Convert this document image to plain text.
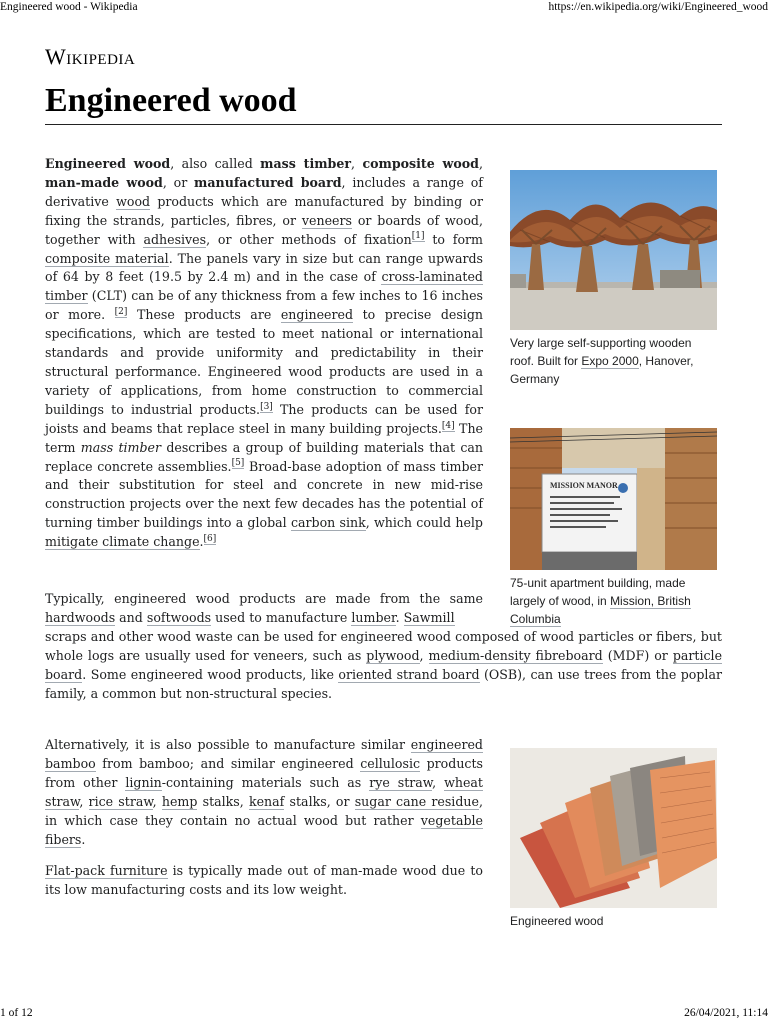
Engineered wood - Wikipedia	https://en.wikipedia.org/wiki/Engineered_wood
Wikipedia
Engineered wood

Engineered wood, also called mass timber, composite wood, man-made wood, or manufactured board, includes a range of derivative wood products which are manufactured by binding or fixing the strands, particles, fibres, or veneers or boards of wood, together with adhesives, or other methods of fixation[1] to form composite material. The panels vary in size but can range upwards of 64 by 8 feet (19.5 by 2.4 m) and in the case of cross-laminated timber (CLT) can be of any thickness from a few inches to 16 inches or more. [2] These products are engineered to precise design specifications, which are tested to meet national or international standards and provide uniformity and predictability in their structural performance. Engineered wood products are used in a variety of applications, from home construction to commercial buildings to industrial products.[3] The products can be used for joists and beams that replace steel in many building projects.[4] The term mass timber describes a group of building materials that can replace concrete assemblies.[5] Broad-base adoption of mass timber and their substitution for steel and concrete in new mid-rise construction projects over the next few decades has the potential of turning timber buildings into a global carbon sink, which could help mitigate climate change.[6]

Typically, engineered wood products are made from the same hardwoods and softwoods used to manufacture lumber. Sawmill
scraps and other wood waste can be used for engineered wood composed of wood particles or fibers, but whole logs are usually used for veneers, such as plywood, medium-density fibreboard (MDF) or particle board. Some engineered wood products, like oriented strand board (OSB), can use trees from the poplar family, a common but non-structural species.
Alternatively, it is also possible to manufacture similar engineered bamboo from bamboo; and similar engineered cellulosic products from other lignin-containing materials such as rye straw, wheat straw, rice straw, hemp stalks, kenaf stalks, or sugar cane residue, in which case they contain no actual wood but rather vegetable fibers.
Flat-pack furniture is typically made out of man-made wood due to its low manufacturing costs and its low weight.
Very large self-supporting wooden roof. Built for Expo 2000, Hanover, Germany
MISSION MANOR
75-unit apartment building, made largely of wood, in Mission, British Columbia
Engineered wood
1 of 12	26/04/2021, 11:14
